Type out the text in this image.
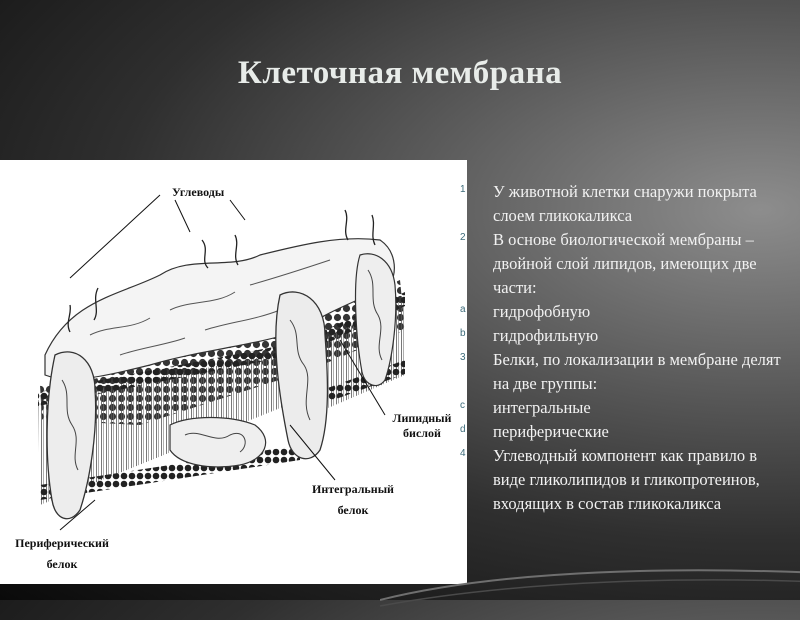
Клеточная мембрана
Углеводы
Липидный
бислой
Интегральный
белок
Периферический
белок
1 У животной клетки снаружи покрыта слоем гликокаликса
2 В основе биологической мембраны – двойной слой липидов, имеющих две части:
a гидрофобную
b гидрофильную
3 Белки, по локализации в мембране делят на две группы:
c интегральные
d периферические
4 Углеводный компонент как правило в виде гликолипидов и гликопротеинов, входящих в состав гликокаликса
